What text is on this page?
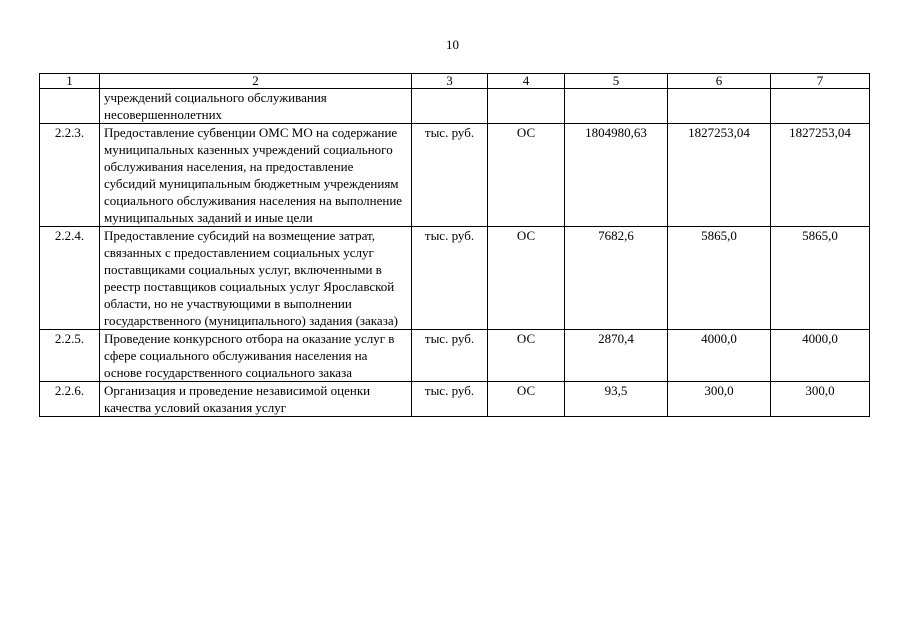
10
1	2	3	4	5	6	7
	учреждений социального обслуживания несовершеннолетних					
2.2.3.	Предоставление субвенции ОМС МО на содержание муниципальных казенных учреждений социального обслуживания населения, на предоставление субсидий муниципальным бюджетным учреждениям социального обслуживания населения на выполнение муниципальных заданий и иные цели	тыс. руб.	ОС	1804980,63	1827253,04	1827253,04
2.2.4.	Предоставление субсидий на возмещение затрат, связанных с предоставлением социальных услуг поставщиками социальных услуг, включенными в реестр поставщиков социальных услуг Ярославской области, но не участвующими в выполнении государственного (муниципального) задания (заказа)	тыс. руб.	ОС	7682,6	5865,0	5865,0
2.2.5.	Проведение конкурсного отбора на оказание услуг в сфере социального обслуживания населения на основе государственного социального заказа	тыс. руб.	ОС	2870,4	4000,0	4000,0
2.2.6.	Организация и проведение независимой оценки качества условий оказания услуг	тыс. руб.	ОС	93,5	300,0	300,0
